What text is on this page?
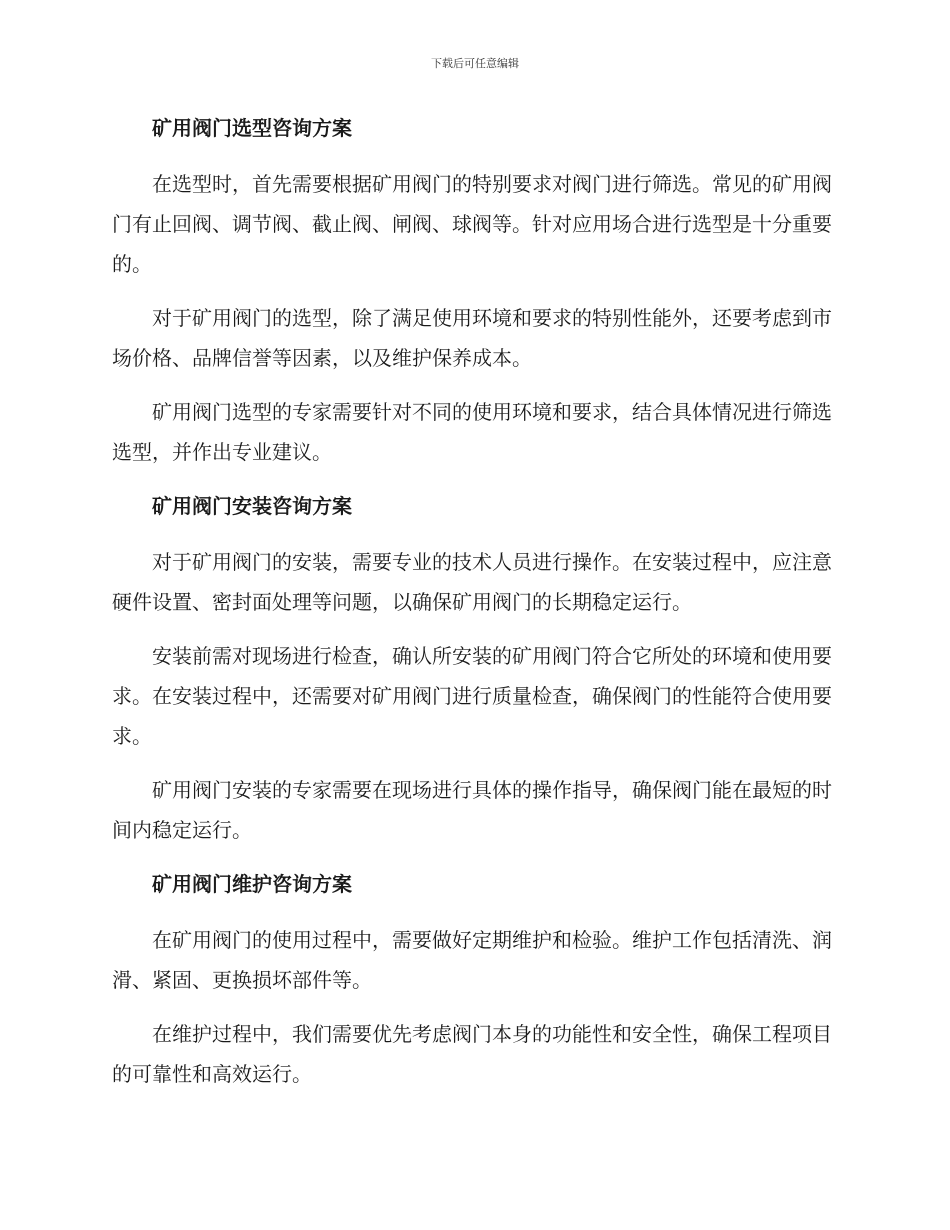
下载后可任意编辑
矿用阀门选型咨询方案

在选型时，首先需要根据矿用阀门的特别要求对阀门进行筛选。常见的矿用阀门有止回阀、调节阀、截止阀、闸阀、球阀等。针对应用场合进行选型是十分重要的。

对于矿用阀门的选型，除了满足使用环境和要求的特别性能外，还要考虑到市场价格、品牌信誉等因素，以及维护保养成本。

矿用阀门选型的专家需要针对不同的使用环境和要求，结合具体情况进行筛选选型，并作出专业建议。

矿用阀门安装咨询方案

对于矿用阀门的安装，需要专业的技术人员进行操作。在安装过程中，应注意硬件设置、密封面处理等问题，以确保矿用阀门的长期稳定运行。

安装前需对现场进行检查，确认所安装的矿用阀门符合它所处的环境和使用要求。在安装过程中，还需要对矿用阀门进行质量检查，确保阀门的性能符合使用要求。

矿用阀门安装的专家需要在现场进行具体的操作指导，确保阀门能在最短的时间内稳定运行。

矿用阀门维护咨询方案

在矿用阀门的使用过程中，需要做好定期维护和检验。维护工作包括清洗、润滑、紧固、更换损坏部件等。

在维护过程中，我们需要优先考虑阀门本身的功能性和安全性，确保工程项目的可靠性和高效运行。
